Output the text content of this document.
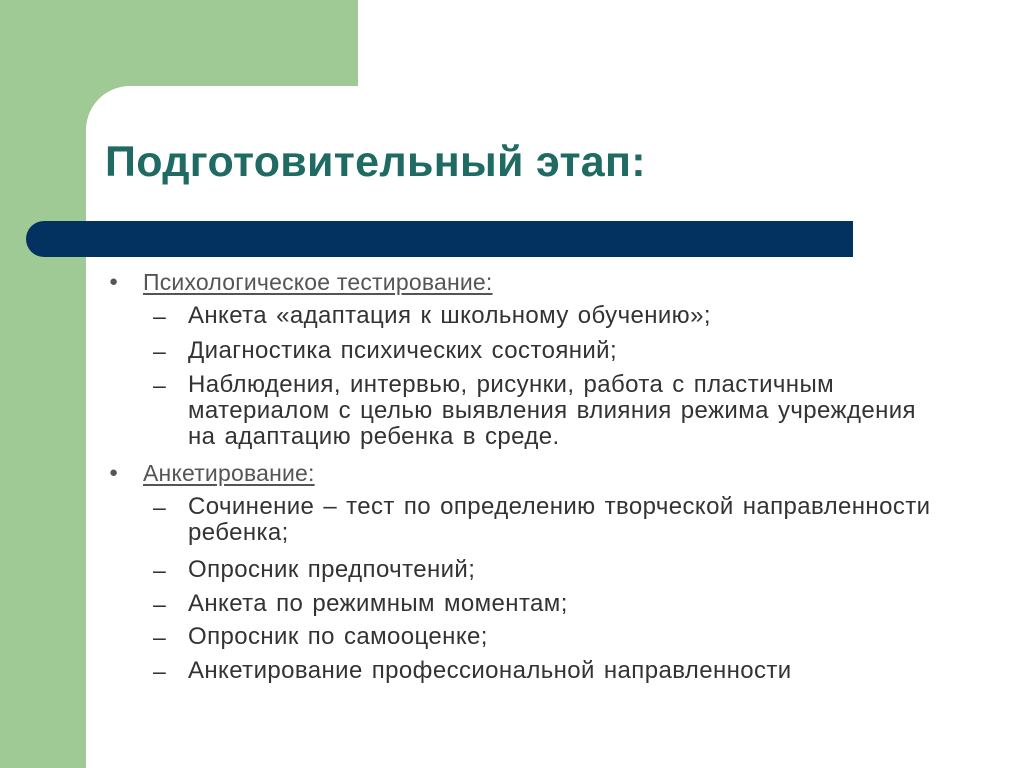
Подготовительный этап:
● Психологическое тестирование:
– Анкета «адаптация к школьному обучению»;
– Диагностика психических состояний;
– Наблюдения, интервью, рисунки, работа с пластичным материалом с целью выявления влияния режима учреждения на адаптацию ребенка в среде.
● Анкетирование:
– Сочинение – тест по определению творческой направленности ребенка;
– Опросник предпочтений;
– Анкета по режимным моментам;
– Опросник по самооценке;
– Анкетирование профессиональной направленности
